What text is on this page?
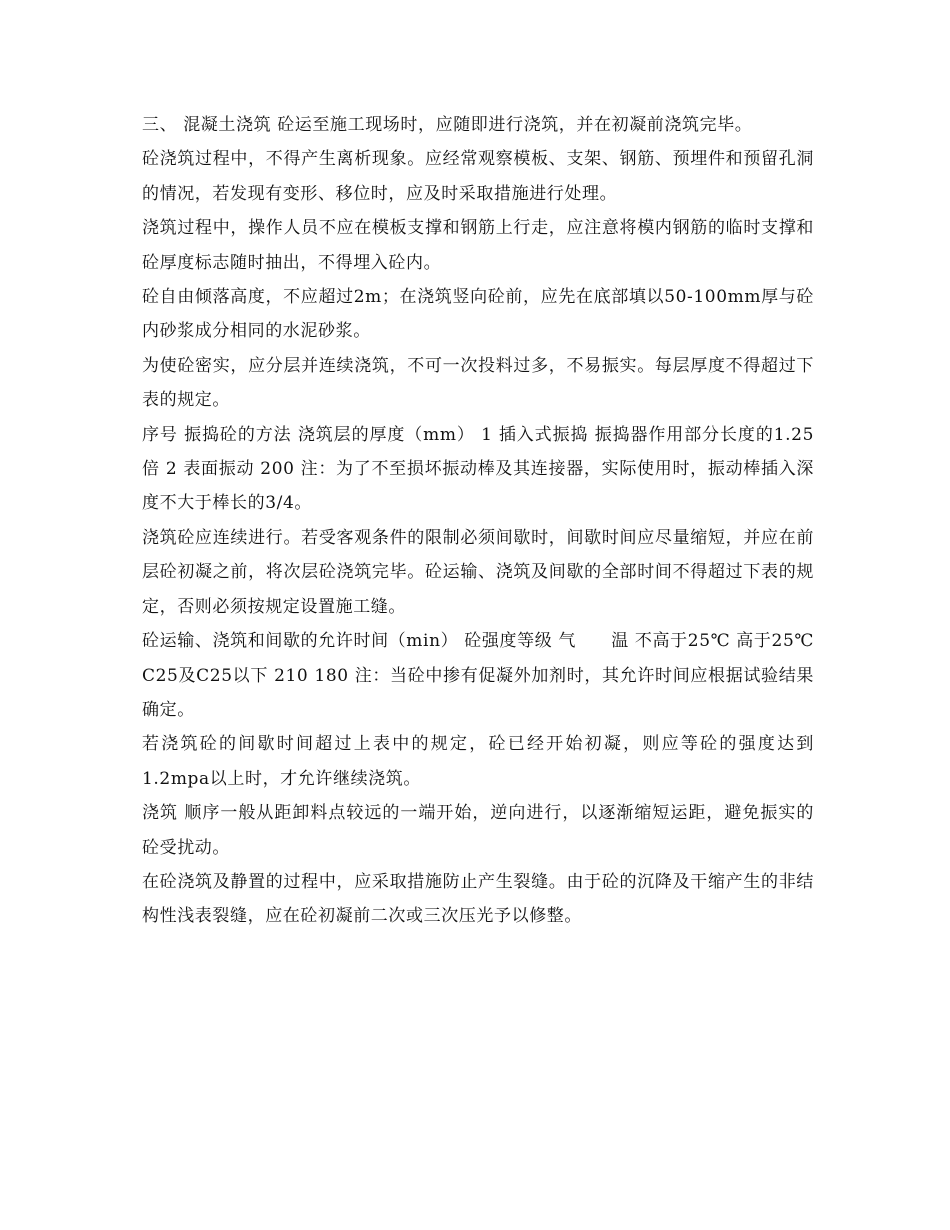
三、 混凝土浇筑 砼运至施工现场时，应随即进行浇筑，并在初凝前浇筑完毕。

砼浇筑过程中，不得产生离析现象。应经常观察模板、支架、钢筋、预埋件和预留孔洞的情况，若发现有变形、移位时，应及时采取措施进行处理。

浇筑过程中，操作人员不应在模板支撑和钢筋上行走，应注意将模内钢筋的临时支撑和砼厚度标志随时抽出，不得埋入砼内。

砼自由倾落高度，不应超过2m；在浇筑竖向砼前，应先在底部填以50-100mm厚与砼内砂浆成分相同的水泥砂浆。

为使砼密实，应分层并连续浇筑，不可一次投料过多，不易振实。每层厚度不得超过下表的规定。

序号 振捣砼的方法 浇筑层的厚度（mm） 1 插入式振捣 振捣器作用部分长度的1.25倍 2 表面振动 200 注：为了不至损坏振动棒及其连接器，实际使用时，振动棒插入深度不大于棒长的3/4。

浇筑砼应连续进行。若受客观条件的限制必须间歇时，间歇时间应尽量缩短，并应在前层砼初凝之前，将次层砼浇筑完毕。砼运输、浇筑及间歇的全部时间不得超过下表的规定，否则必须按规定设置施工缝。

砼运输、浇筑和间歇的允许时间（min） 砼强度等级 气　　温 不高于25℃ 高于25℃ C25及C25以下 210 180 注：当砼中掺有促凝外加剂时，其允许时间应根据试验结果确定。

若浇筑砼的间歇时间超过上表中的规定，砼已经开始初凝，则应等砼的强度达到1.2mpa以上时，才允许继续浇筑。

浇筑 顺序一般从距卸料点较远的一端开始，逆向进行，以逐渐缩短运距，避免振实的砼受扰动。

在砼浇筑及静置的过程中，应采取措施防止产生裂缝。由于砼的沉降及干缩产生的非结构性浅表裂缝，应在砼初凝前二次或三次压光予以修整。
